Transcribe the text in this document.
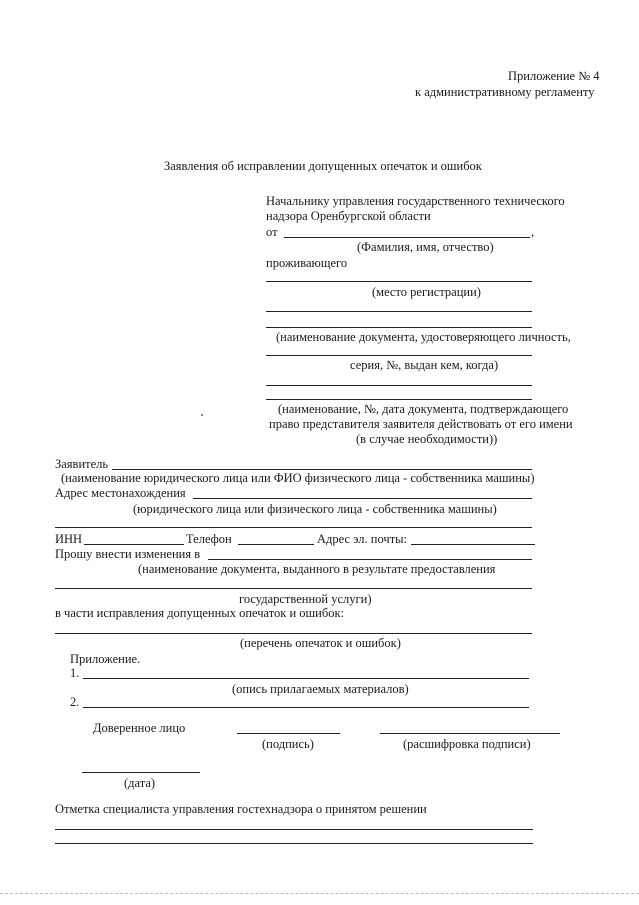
Приложение № 4
к административному регламенту
Заявления об исправлении допущенных опечаток и ошибок
Начальнику управления государственного технического
надзора Оренбургской области
от	,
(Фамилия, имя, отчество)
проживающего
(место регистрации)
(наименование документа, удостоверяющего личность,
серия, №, выдан кем, когда)
(наименование, №, дата документа, подтверждающего
право представителя заявителя действовать от его имени
(в случае необходимости))
Заявитель
(наименование юридического лица или ФИО физического лица - собственника машины)
Адрес местонахождения
(юридического лица или физического лица - собственника машины)
ИНН	Телефон	Адрес эл. почты:
Прошу внести изменения в
(наименование документа, выданного в результате предоставления
государственной услуги)
в части исправления допущенных опечаток и ошибок:
(перечень опечаток и ошибок)
Приложение.
1.
(опись прилагаемых материалов)
2.
Доверенное лицо
(подпись)	(расшифровка подписи)
(дата)
Отметка специалиста управления гостехнадзора о принятом решении
